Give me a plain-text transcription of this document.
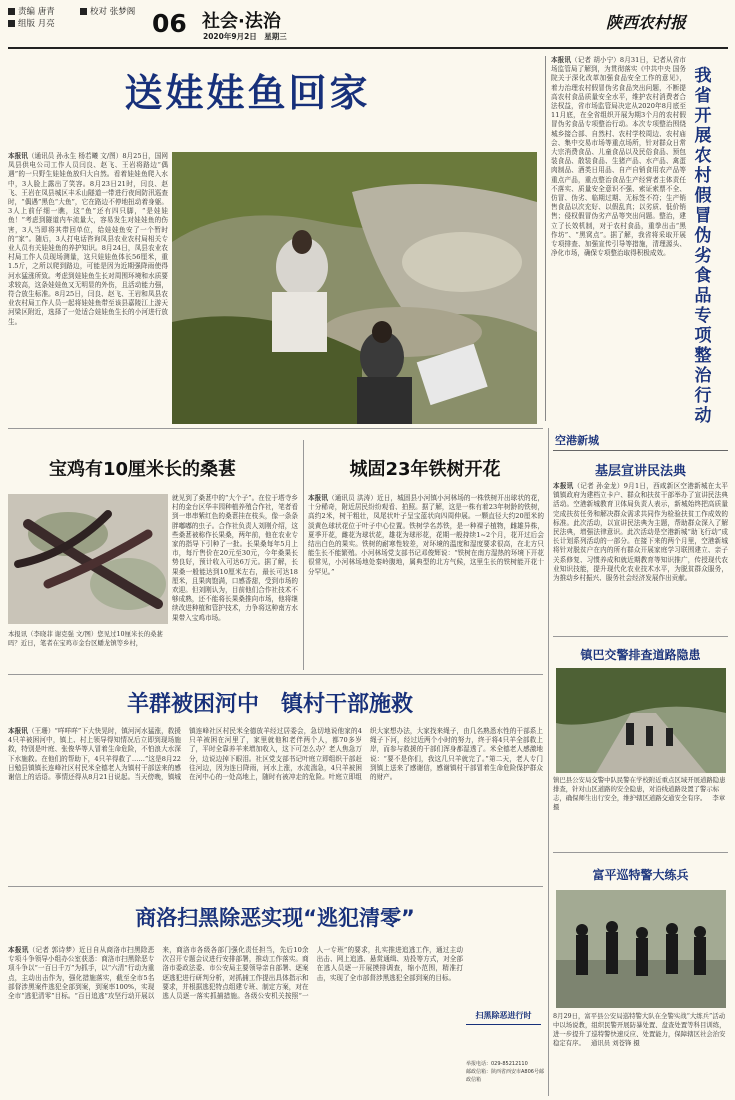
责编 唐青
组版 月亮
校对 张梦阁 06 社会·法治
2020年9月2日　星期三
陕西农村报
送娃娃鱼回家
本报讯（通讯员 孙永生 杨若曦 文/图）8月25日，国网凤县供电公司工作人员闫良、赵飞、王岩将路边“偶遇”的一只野生娃娃鱼放归大自然。看着娃娃鱼爬入水中，3人脸上露出了笑容。8月23日21时，闫良、赵飞、王岩在凤县城区丰禾山隧道一带进行夜间防汛巡查时，“偶遇”黑色“大鱼”，它在路边不停地扭动着身躯。3人上前仔细一瞧，这“鱼”还有四只脚，“是娃娃鱼！”考虑到隧道内车流量大，容易发生对娃娃鱼的伤害，3人当即将其带回单位，给娃娃鱼安了一个暂时的“家”。随后，3人打电话咨询凤县农业农村局相关专业人员有关娃娃鱼的养护知识。8月24日，凤县农业农村局工作人员现场测量，这只娃娃鱼体长56厘米，重1.5斤，之所以爬到路边，可能是因为近期强降雨使得河水猛涨所致。考虑到娃娃鱼生长对周围环境和水质要求较高，这条娃娃鱼又无明显的外伤，且活动能力强，符合放生标准。8月25日，闫良、赵飞、王岩和凤县农业农村局工作人员一起将娃娃鱼带至该县嘉陵江上游天河梁区附近，选择了一处适合娃娃鱼生长的小河进行放生。
本报讯（记者 胡小宁）8月31日，记者从省市场监管局了解到，为贯彻落实《中共中央 国务院关于深化改革加强食品安全工作的意见》，着力治理农村假冒伪劣食品突出问题，不断提高农村食品质量安全水平，维护农村消费者合法权益，省市场监管局决定从2020年8月底至11月底，在全省组织开展为期3个月的农村假冒伪劣食品专项整治行动。本次专项整治围绕城乡接合部、自然村、农村学校周边、农村庙会、集中交易市场等重点场所，针对群众日常大宗消费食品、儿童食品以及民俗食品、预包装食品、散装食品、生猪产品、水产品、禽蛋肉制品、酒类日用品、自产自销食用农产品等重点产品，重点整治食品生产经营者主体责任不落实、质量安全意识不强、索证索票不全、仿冒、伪劣、临期过期、无标签不符；生产销售食品以次充好、以假乱真；以劣质、低价销售；侵权假冒伪劣产品等突出问题。整治，建立了长效机制，对于农村食品，重拳出击“黑作坊”、“黑窝点”。据了解，我省将采取开展专项排查、加强宣传引导等措施，清理源头、净化市场，确保专项整治取得积极成效。
我省开展农村假冒伪劣食品专项整治行动
宝鸡有10厘米长的桑葚
本报讯（李晓菲 谢克强 文/图）您见过10厘米长的桑葚吗？近日，笔者在宝鸡市金台区蟠龙镇等乡村，
就见到了桑葚中的“大个子”。在位于塔寺乡村的金台区华丰园种植养殖合作社，笔者看到一串串紫红色的桑葚挂在枝头，像一条条胖嘟嘟的虫子。合作社负责人刘刚介绍，这些桑葚被称作长果桑，两年前，他在农业专家的指导下引种了一批。长果桑每年5月上市，每斤售价在20元至30元，今年桑果长势良好，预计收入可达6万元。据了解，长果桑一般能达到10厘米左右，最长可达18厘米，且果肉饱满，口感香甜，受到市场的欢迎。但刘刚认为，目前他们合作社技术不够成熟，还不能将长果桑推向市场，他将继续改进种植和管护技术，力争将这种南方水果带入宝鸡市场。
城固23年铁树开花
本报讯（通讯员 洪涛）近日，城固县小河镇小河林场的一株铁树开出球状的花，十分稀奇，附近居民纷纷观看、拍照。据了解，这是一株有着23年树龄的铁树，高约2米，树干粗壮，凤尾状叶子呈宝蓝状向四周伸展。一颗直径大约20厘米的淡黄色球状花位于叶子中心位置。铁树学名苏铁，是一种裸子植物，雌雄异株，夏季开花，雌花为球状花，雄花为球形花，花期一般持续1~2个月，花开过后会结出白色的果实。铁树的耐寒性较差，对环境的温度和湿度要求很高，在北方只能生长不能繁殖。小河林场党支部书记邓俊辉说：“铁树在南方湿热的环境下开花很常见，小河林场地处秦岭腹地，属典型的北方气候，这里生长的铁树能开花十分罕见。”
羊群被困河中　镇村干部施救
本报讯（王珊）“咩咩咩”下大快晃时，镇河河水猛涨，救援4只羊被困河中，镇上、村上领导得知情况后立即到现场施救，特别是叶庭、张俊华等人冒着生命危险，不怕浪大水深下水施救。在他们的帮助下，4只羊得救了……”这是8月22日勉县镇镇长连峰社区村民米全德老人为镇村干部送来的感谢信上的话语。事情还得从8月21日说起。当天傍晚，镇城镇连峰社区村民米全德放羊经过居委会，急切地说他家的4只羊被困在河里了，家里就他和老伴两个人，都70多岁了，平时全靠养羊来增加收入，这下可怎么办？老人焦急万分，边说边掉下眼泪。社区党支部书记叶庭立即组织干部赶往河边，因为连日降雨，河水上涨，水流湍急，4只羊被困在河中心的一处高地上，随时有被冲走的危险。叶庭立即组织大家想办法，大家找来绳子，由几名熟悉水性的干部系上绳子下河，经过近两个小时的努力，终于将4只羊全部救上岸，而参与救援的干部们浑身都湿透了。米全德老人感激地说：“要不是你们，我这几只羊就完了。”第二天，老人专门到镇上送来了感谢信，感谢镇村干部冒着生命危险保护群众的财产。
商洛扫黑除恶实现“逃犯清零”
本报讯（记者 郭诗梦）近日自从商洛市扫黑除恶专项斗争领导小组办公室获悉：商洛市扫黑除恶专项斗争以“一百日千万”为抓手，以“六清”行动为重点，主动出击作为，强化措施落实，截至全市5名部督涉黑案件逃犯全部到案，到案率100%，实现全市“逃犯清零”目标。“百日追逃”攻坚行动开展以来，商洛市各级各部门强化责任担当，先后10余次召开专题会议进行安排部署，推动工作落实。商洛市委政法委、市公安局主要领导亲自部署、逐案逐逃犯进行研判分析，对抓捕工作提出具体指示和要求，并根据逃犯特点组建专班、制定方案，对在逃人员逐一落实抓捕措施。各级公安机关按照“一人一专班”的要求，扎实推进追逃工作，通过主动出击、网上追逃、悬赏通缉、劝投等方式，对全部在逃人员逐一开展摸排调查，缩小范围，精准打击，实现了全市部督涉黑逃犯全部到案的目标。
扫黑除恶进行时
举报电话：029-85212110
邮政信箱：陕西省西安市A806号邮政信箱
空港新城
基层宣讲民法典
本报讯（记者 孙金龙）9月1日，西咸新区空港新城在太平镇镇政府为建档立卡户、群众和扶贫干部举办了宣讲民法典活动。空港新城教育卫体局负责人表示，新城始终把高质量完成扶贫任务和解决群众需求共同作为检验扶贫工作成效的标准。此次活动，以宣讲民法典为主题，帮助群众深入了解民法典，增强法律意识。此次活动是空港新城“助飞行动”成长计划系列活动的一部分。在接下来的两个月里，空港新城将针对脱贫户在内的所有群众开展家庭学习联围建立、亲子关系修复、习惯养成和就近期教育等知识推广，传授现代农业知识技能，提升现代化农业技术水平，为脱贫群众服务，为推动乡村振兴、服务社会经济发展作出贡献。
镇巴交警排查道路隐患
镇巴县公安局交警中队民警在学校附近重点区域开展道路隐患排查，针对山区道路的安全隐患，对沿线道路设置了警示标志，确保师生出行安全，维护辖区道路交通安全有序。 李章 摄
富平巡特警大练兵
8月29日，富平县公安局巡特警大队在全警实战“大练兵”活动中以场说教，组织民警开展防暴处置、盘查处置等科目训练，进一步提升了巡特警快速反应、处置能力，保障辖区社会治安稳定有序。 通讯员 刘苍锋 摄
